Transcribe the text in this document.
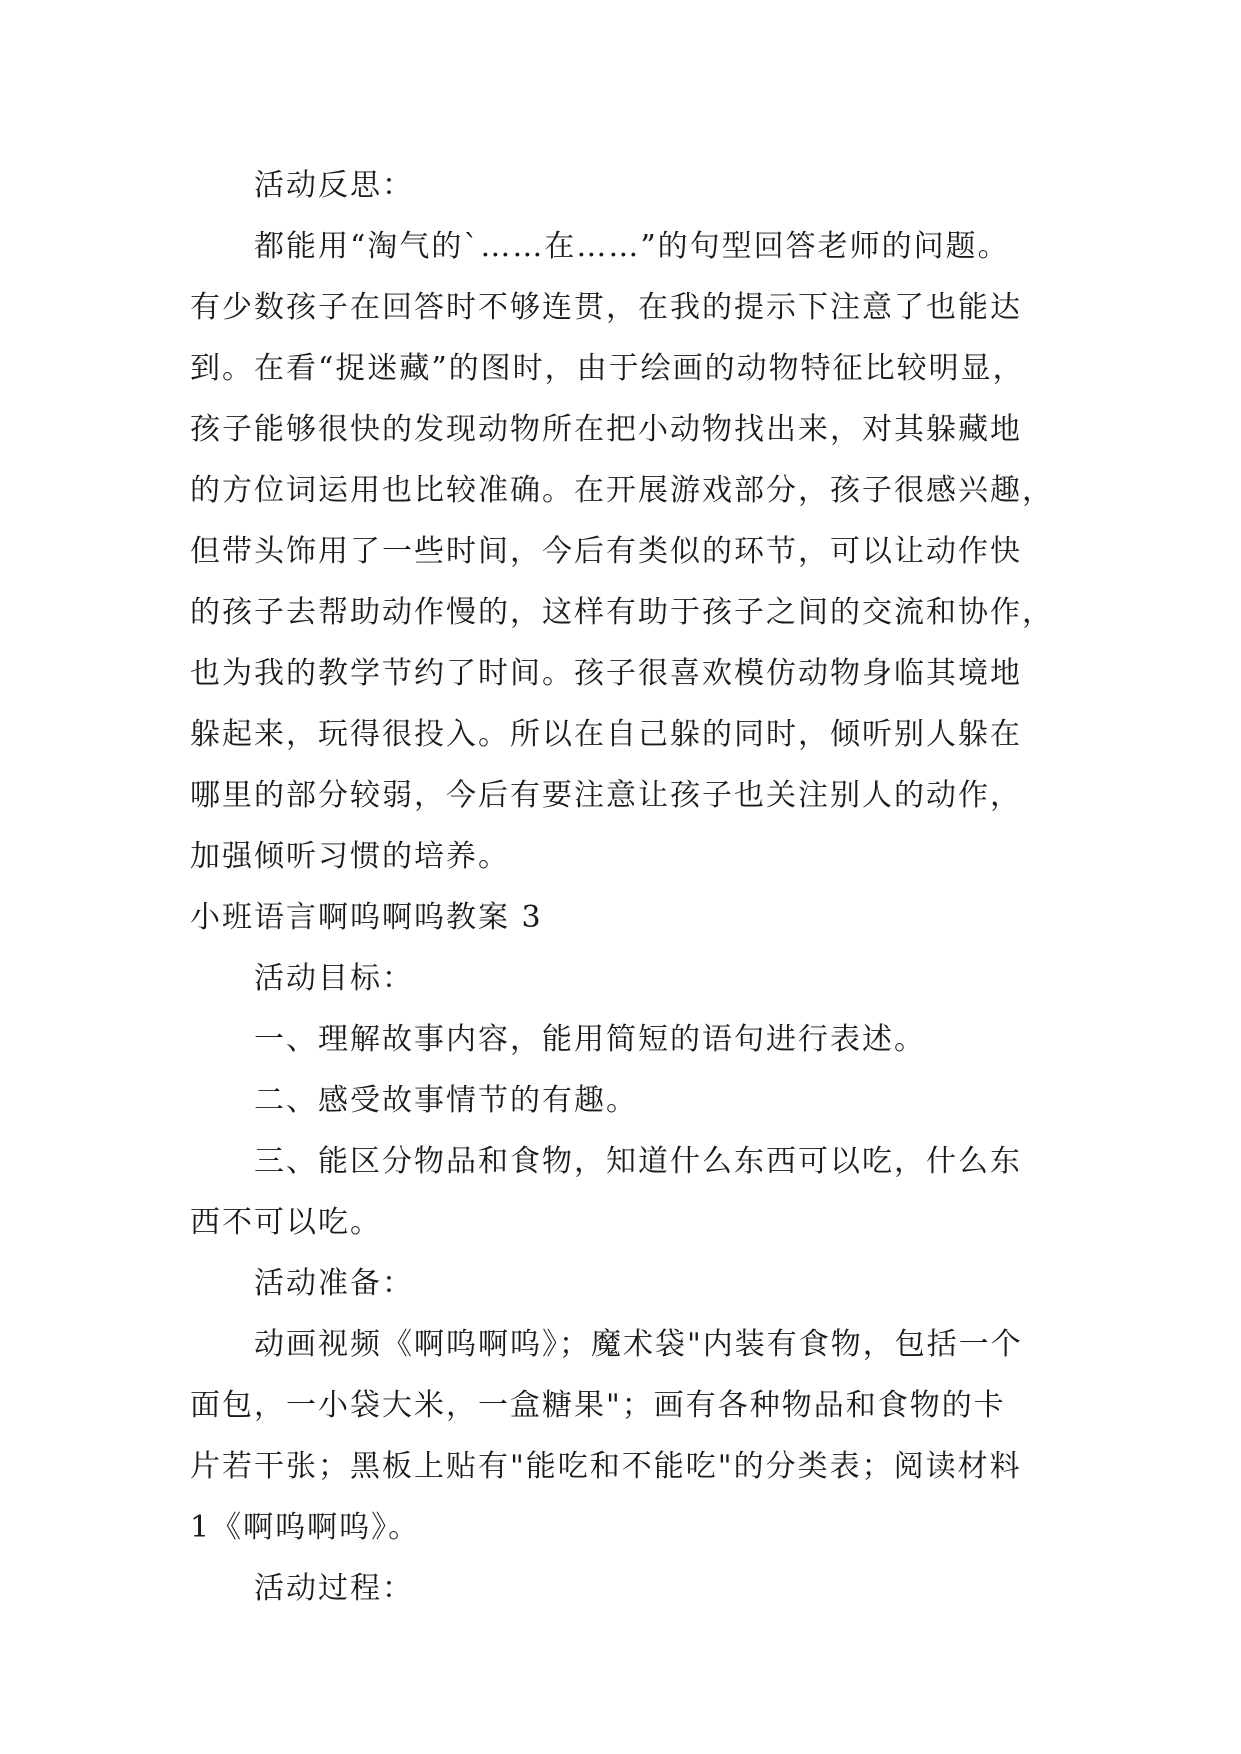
活动反思：
都能用“淘气的`……在……”的句型回答老师的问题。
有少数孩子在回答时不够连贯，在我的提示下注意了也能达
到。在看“捉迷藏”的图时，由于绘画的动物特征比较明显，
孩子能够很快的发现动物所在把小动物找出来，对其躲藏地
的方位词运用也比较准确。在开展游戏部分，孩子很感兴趣，
但带头饰用了一些时间，今后有类似的环节，可以让动作快
的孩子去帮助动作慢的，这样有助于孩子之间的交流和协作，
也为我的教学节约了时间。孩子很喜欢模仿动物身临其境地
躲起来，玩得很投入。所以在自己躲的同时，倾听别人躲在
哪里的部分较弱，今后有要注意让孩子也关注别人的动作，
加强倾听习惯的培养。
小班语言啊呜啊呜教案 3
活动目标：
一、理解故事内容，能用简短的语句进行表述。
二、感受故事情节的有趣。
三、能区分物品和食物，知道什么东西可以吃，什么东
西不可以吃。
活动准备：
动画视频《啊呜啊呜》；魔术袋"内装有食物，包括一个
面包，一小袋大米，一盒糖果"；画有各种物品和食物的卡
片若干张；黑板上贴有"能吃和不能吃"的分类表；阅读材料
1《啊呜啊呜》。
活动过程：
